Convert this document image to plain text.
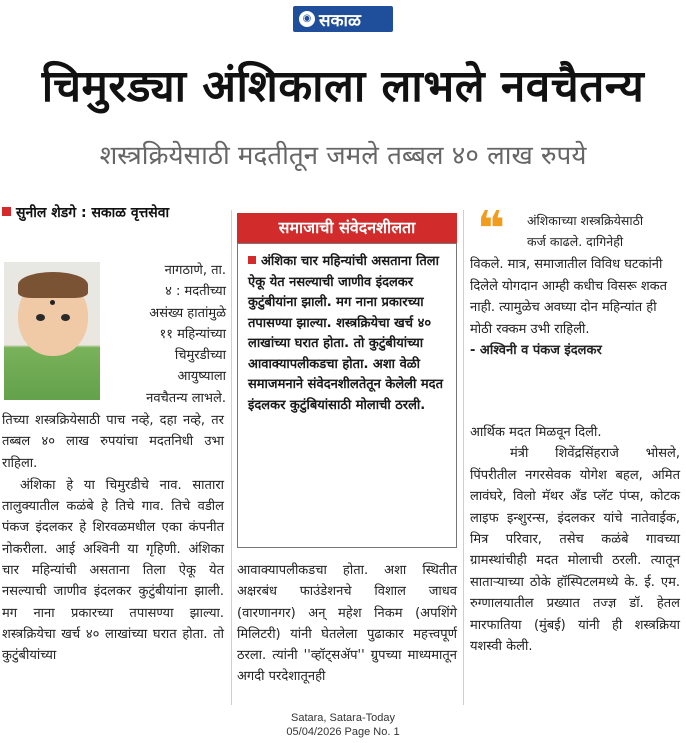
◉ सकाळ
चिमुरड्या अंशिकाला लाभले नवचैतन्य
शस्त्रक्रियेसाठी मदतीतून जमले तब्बल ४० लाख रुपये
सुनील शेडगे : सकाळ वृत्तसेवा
नागठाणे, ता.
४ : मदतीच्या
असंख्य हातांमुळे
११ महिन्यांच्या
चिमुरडीच्या
आयुष्याला
नवचैतन्य लाभले.

तिच्या शस्त्रक्रियेसाठी पाच नव्हे, दहा नव्हे, तर तब्बल ४० लाख रुपयांचा मदतनिधी उभा राहिला.

अंशिका हे या चिमुरडीचे नाव. सातारा तालुक्यातील कळंबे हे तिचे गाव. तिचे वडील पंकज इंदलकर हे शिरवळमधील एका कंपनीत नोकरीला. आई अश्विनी या गृहिणी. अंशिका चार महिन्यांची असताना तिला ऐकू येत नसल्याची जाणीव इंदलकर कुटुंबीयांना झाली. मग नाना प्रकारच्या तपासण्या झाल्या. शस्त्रक्रियेचा खर्च ४० लाखांच्या घरात होता. तो कुटुंबीयांच्या

समाजाची संवेदनशीलता
अंशिका चार महिन्यांची असताना तिला ऐकू येत नसल्याची जाणीव इंदलकर कुटुंबीयांना झाली. मग नाना प्रकारच्या तपासण्या झाल्या. शस्त्रक्रियेचा खर्च ४० लाखांच्या घरात होता. तो कुटुंबीयांच्या आवाक्यापलीकडचा होता. अशा वेळी समाजमनाने संवेदनशीलतेतून केलेली मदत इंदलकर कुटुंबियांसाठी मोलाची ठरली.

आवाक्यापलीकडचा होता. अशा स्थितीत अक्षरबंध फाउंडेशनचे विशाल जाधव (वारणानगर) अन् महेश निकम (अपशिंगे मिलिटरी) यांनी घेतलेला पुढाकार महत्त्वपूर्ण ठरला. त्यांनी ''व्हॉट्सॲप'' ग्रुपच्या माध्यमातून अगदी परदेशातूनही

❝ अंशिकाच्या शस्त्रक्रियेसाठी
कर्ज काढले. दागिनेही

विकले. मात्र, समाजातील विविध घटकांनी दिलेले योगदान आम्ही कधीच विसरू शकत नाही. त्यामुळेच अवघ्या दोन महिन्यांत ही मोठी रक्कम उभी राहिली.

- अश्विनी व पंकज इंदलकर

आर्थिक मदत मिळवून दिली.

मंत्री शिवेंद्रसिंहराजे भोसले, पिंपरीतील नगरसेवक योगेश बहल, अमित लावंघरे, विलो मॅथर अँड प्लॅट पंप्स, कोटक लाइफ इन्शुरन्स, इंदलकर यांचे नातेवाईक, मित्र परिवार, तसेच कळंबे गावच्या ग्रामस्थांचीही मदत मोलाची ठरली. त्यातून साताऱ्याच्या ठोके हॉस्पिटलमध्ये के. ई. एम. रुग्णालयातील प्रख्यात तज्ज्ञ डॉ. हेतल मारफातिया (मुंबई) यांनी ही शस्त्रक्रिया यशस्वी केली.

Satara, Satara-Today
05/04/2026 Page No. 1
